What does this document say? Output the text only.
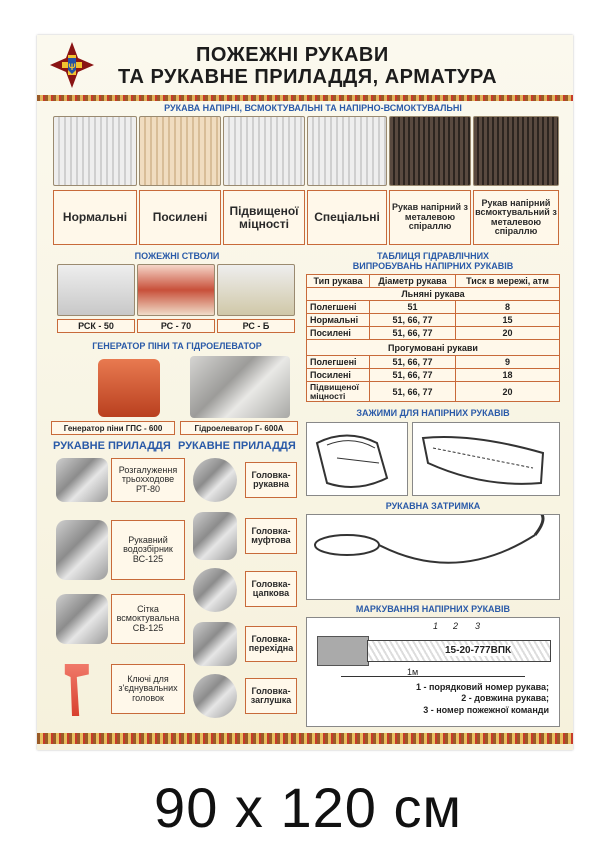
Ψ
ПОЖЕЖНІ РУКАВИ
ТА РУКАВНЕ ПРИЛАДДЯ, АРМАТУРА
РУКАВА НАПІРНІ, ВСМОКТУВАЛЬНІ ТА НАПІРНО-ВСМОКТУВАЛЬНІ
Нормальні	Посилені	Підвищеної міцності	Спеціальні
Рукав напірний з металевою спіраллю
Рукав напірний всмоктувальний з металевою спіраллю
ПОЖЕЖНІ СТВОЛИ
РСК - 50	РС - 70	РС - Б
ГЕНЕРАТОР ПІНИ ТА ГІДРОЕЛЕВАТОР
Генератор піни ГПС - 600	Гідроелеватор Г- 600А
ТАБЛИЦЯ ГІДРАВЛІЧНИХ
ВИПРОБУВАНЬ НАПІРНИХ РУКАВІВ
Тип рукава	Діаметр рукава	Тиск в мережі, атм
Льняні рукава		
Полегшені	51	8
Нормальні	51, 66, 77	15
Посилені	51, 66, 77	20
Прогумовані рукави		
Полегшені	51, 66, 77	9
Посилені	51, 66, 77	18
Підвищеної міцності	51, 66, 77	20
РУКАВНЕ ПРИЛАДДЯ РУКАВНЕ ПРИЛАДДЯ
Розгалуження трьохходове РТ-80
Рукавний водозбірник ВС-125
Сітка всмоктувальна СВ-125
Ключі для з'єднувальних головок
Головка-рукавна
Головка-муфтова
Головка-цапкова
Головка-перехідна
Головка-заглушка
ЗАЖИМИ ДЛЯ НАПІРНИХ РУКАВІВ
РУКАВНА ЗАТРИМКА
МАРКУВАННЯ НАПІРНИХ РУКАВІВ
15-20-777ВПК
1 2 3
1м
1 - порядковий номер рукава;
2 - довжина рукава;
3 - номер пожежної команди
90 x 120 см
